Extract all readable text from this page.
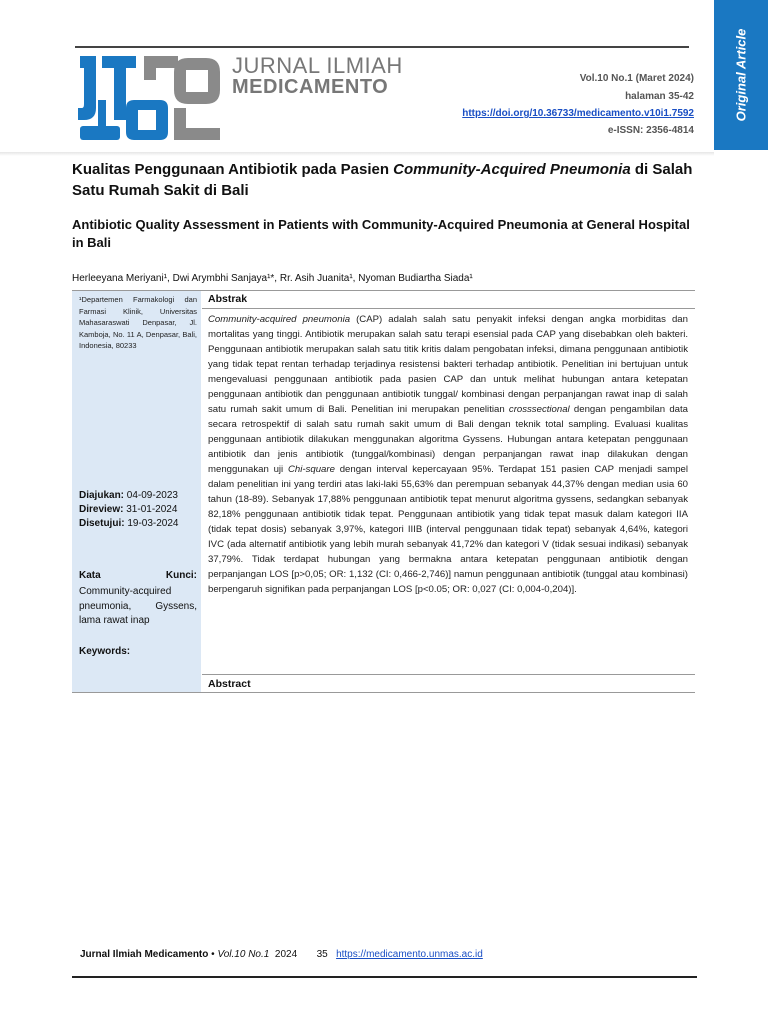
Original Article
JURNAL ILMIAH
MEDICAMENTO	Vol.10 No.1 (Maret 2024)
halaman 35-42
https://doi.org/10.36733/medicamento.v10i1.7592
e-ISSN: 2356-4814
Kualitas Penggunaan Antibiotik pada Pasien Community-Acquired Pneumonia di Salah Satu Rumah Sakit di Bali
Antibiotic Quality Assessment in Patients with Community-Acquired Pneumonia at General Hospital in Bali
Herleeyana Meriyani¹, Dwi Arymbhi Sanjaya¹*, Rr. Asih Juanita¹, Nyoman Budiartha Siada¹
¹Departemen Farmakologi dan Farmasi Klinik, Universitas Mahasaraswati Denpasar, Jl. Kamboja, No. 11 A, Denpasar, Bali, Indonesia, 80233
Diajukan: 04-09-2023
Direview: 31-01-2024
Disetujui: 19-03-2024
Kata	Kunci:
Community-acquired pneumonia, Gyssens, lama rawat inap
Keywords:
Abstrak
Community-acquired pneumonia (CAP) adalah salah satu penyakit infeksi dengan angka morbiditas dan mortalitas yang tinggi. Antibiotik merupakan salah satu terapi esensial pada CAP yang disebabkan oleh bakteri. Penggunaan antibiotik merupakan salah satu titik kritis dalam pengobatan infeksi, dimana penggunaan antibiotik yang tidak tepat rentan terhadap terjadinya resistensi bakteri terhadap antibiotik. Penelitian ini bertujuan untuk mengevaluasi penggunaan antibiotik pada pasien CAP dan untuk melihat hubungan antara ketepatan penggunaan antibiotik dan penggunaan antibiotik tunggal/ kombinasi dengan perpanjangan rawat inap di salah satu rumah sakit umum di Bali. Penelitian ini merupakan penelitian crosssectional dengan pengambilan data secara retrospektif di salah satu rumah sakit umum di Bali dengan teknik total sampling. Evaluasi kualitas penggunaan antibiotik dilakukan menggunakan algoritma Gyssens. Hubungan antara ketepatan penggunaan antibiotik dan jenis antibiotik (tunggal/kombinasi) dengan perpanjangan rawat inap dilakukan dengan menggunakan uji Chi-square dengan interval kepercayaan 95%. Terdapat 151 pasien CAP menjadi sampel dalam penelitian ini yang terdiri atas laki-laki 55,63% dan perempuan sebanyak 44,37% dengan median usia 60 tahun (18-89). Sebanyak 17,88% penggunaan antibiotik tepat menurut algoritma gyssens, sedangkan sebanyak 82,18% penggunaan antibiotik tidak tepat. Penggunaan antibiotik yang tidak tepat masuk dalam kategori IIA (tidak tepat dosis) sebanyak 3,97%, kategori IIIB (interval penggunaan tidak tepat) sebanyak 4,64%, kategori IVC (ada alternatif antibiotik yang lebih murah sebanyak 41,72% dan kategori V (tidak sesuai indikasi) sebanyak 37,79%. Tidak terdapat hubungan yang bermakna antara ketepatan penggunaan antibiotik dengan perpanjangan LOS [p>0,05; OR: 1,132 (CI: 0,466-2,746)] namun penggunaan antibiotik (tunggal atau kombinasi) berpengaruh signifikan pada perpanjangan LOS [p<0.05; OR: 0,027 (CI: 0,004-0,204)].
Abstract
Jurnal Ilmiah Medicamento • Vol.10 No.1 2024 35 https://medicamento.unmas.ac.id
